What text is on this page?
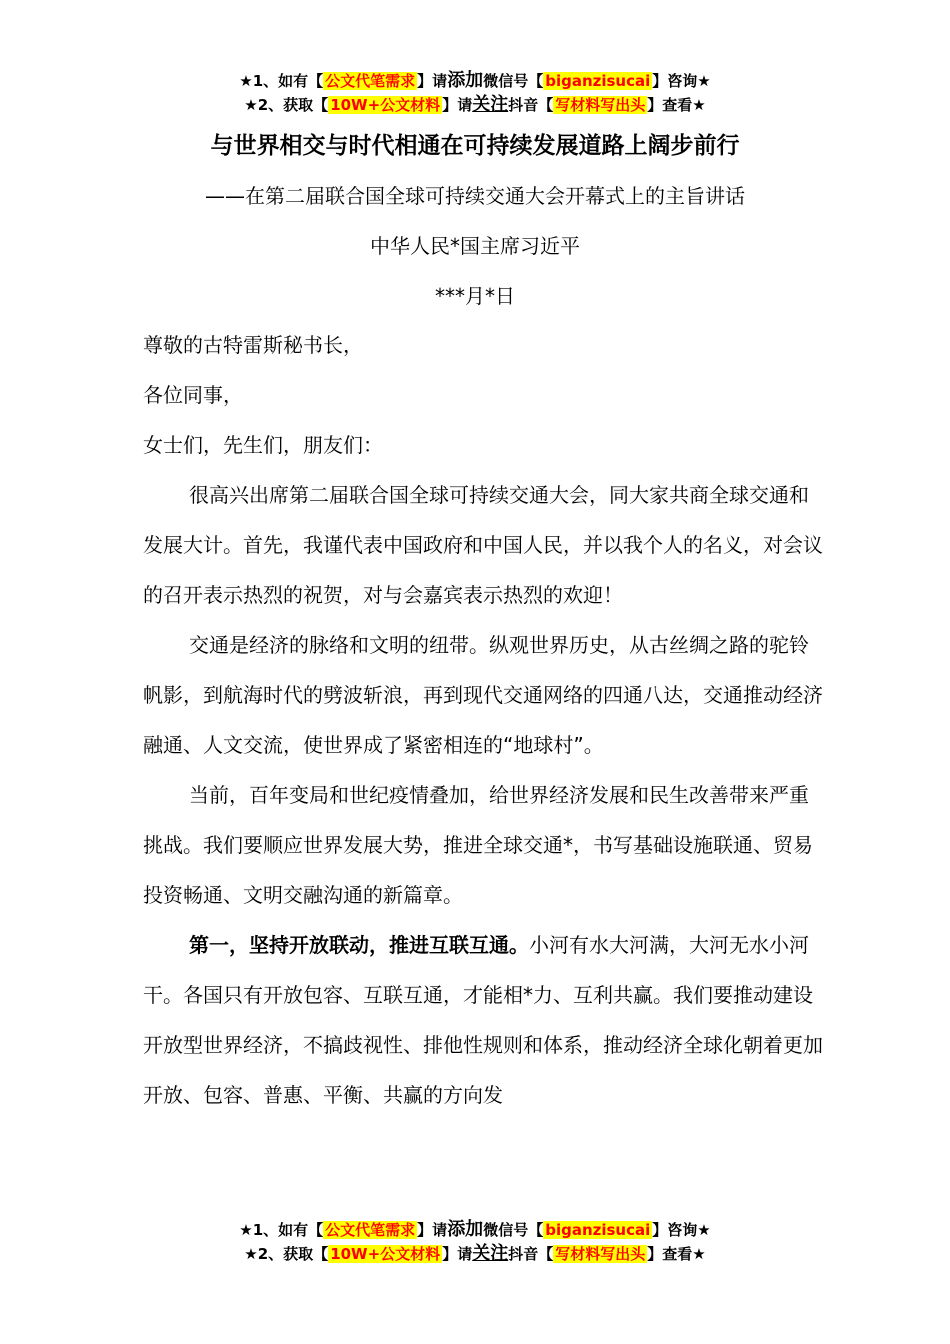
★1、如有【 公文代笔需求 】请添加微信号【 biganzisucai 】咨询★
★2、获取【 10W+公文材料 】请关注抖音【 写材料写出头 】查看★
与世界相交与时代相通在可持续发展道路上阔步前行
——在第二届联合国全球可持续交通大会开幕式上的主旨讲话
中华人民*国主席习近平
***月*日

尊敬的古特雷斯秘书长，

各位同事，

女士们，先生们，朋友们：

很高兴出席第二届联合国全球可持续交通大会，同大家共商全球交通和发展大计。首先，我谨代表中国政府和中国人民，并以我个人的名义，对会议的召开表示热烈的祝贺，对与会嘉宾表示热烈的欢迎！

交通是经济的脉络和文明的纽带。纵观世界历史，从古丝绸之路的驼铃帆影，到航海时代的劈波斩浪，再到现代交通网络的四通八达，交通推动经济融通、人文交流，使世界成了紧密相连的“地球村”。

当前，百年变局和世纪疫情叠加，给世界经济发展和民生改善带来严重挑战。我们要顺应世界发展大势，推进全球交通*，书写基础设施联通、贸易投资畅通、文明交融沟通的新篇章。

第一，坚持开放联动，推进互联互通。小河有水大河满，大河无水小河干。各国只有开放包容、互联互通，才能相*力、互利共赢。我们要推动建设开放型世界经济，不搞歧视性、排他性规则和体系，推动经济全球化朝着更加开放、包容、普惠、平衡、共赢的方向发

★1、如有【 公文代笔需求 】请添加微信号【 biganzisucai 】咨询★
★2、获取【 10W+公文材料 】请关注抖音【 写材料写出头 】查看★
